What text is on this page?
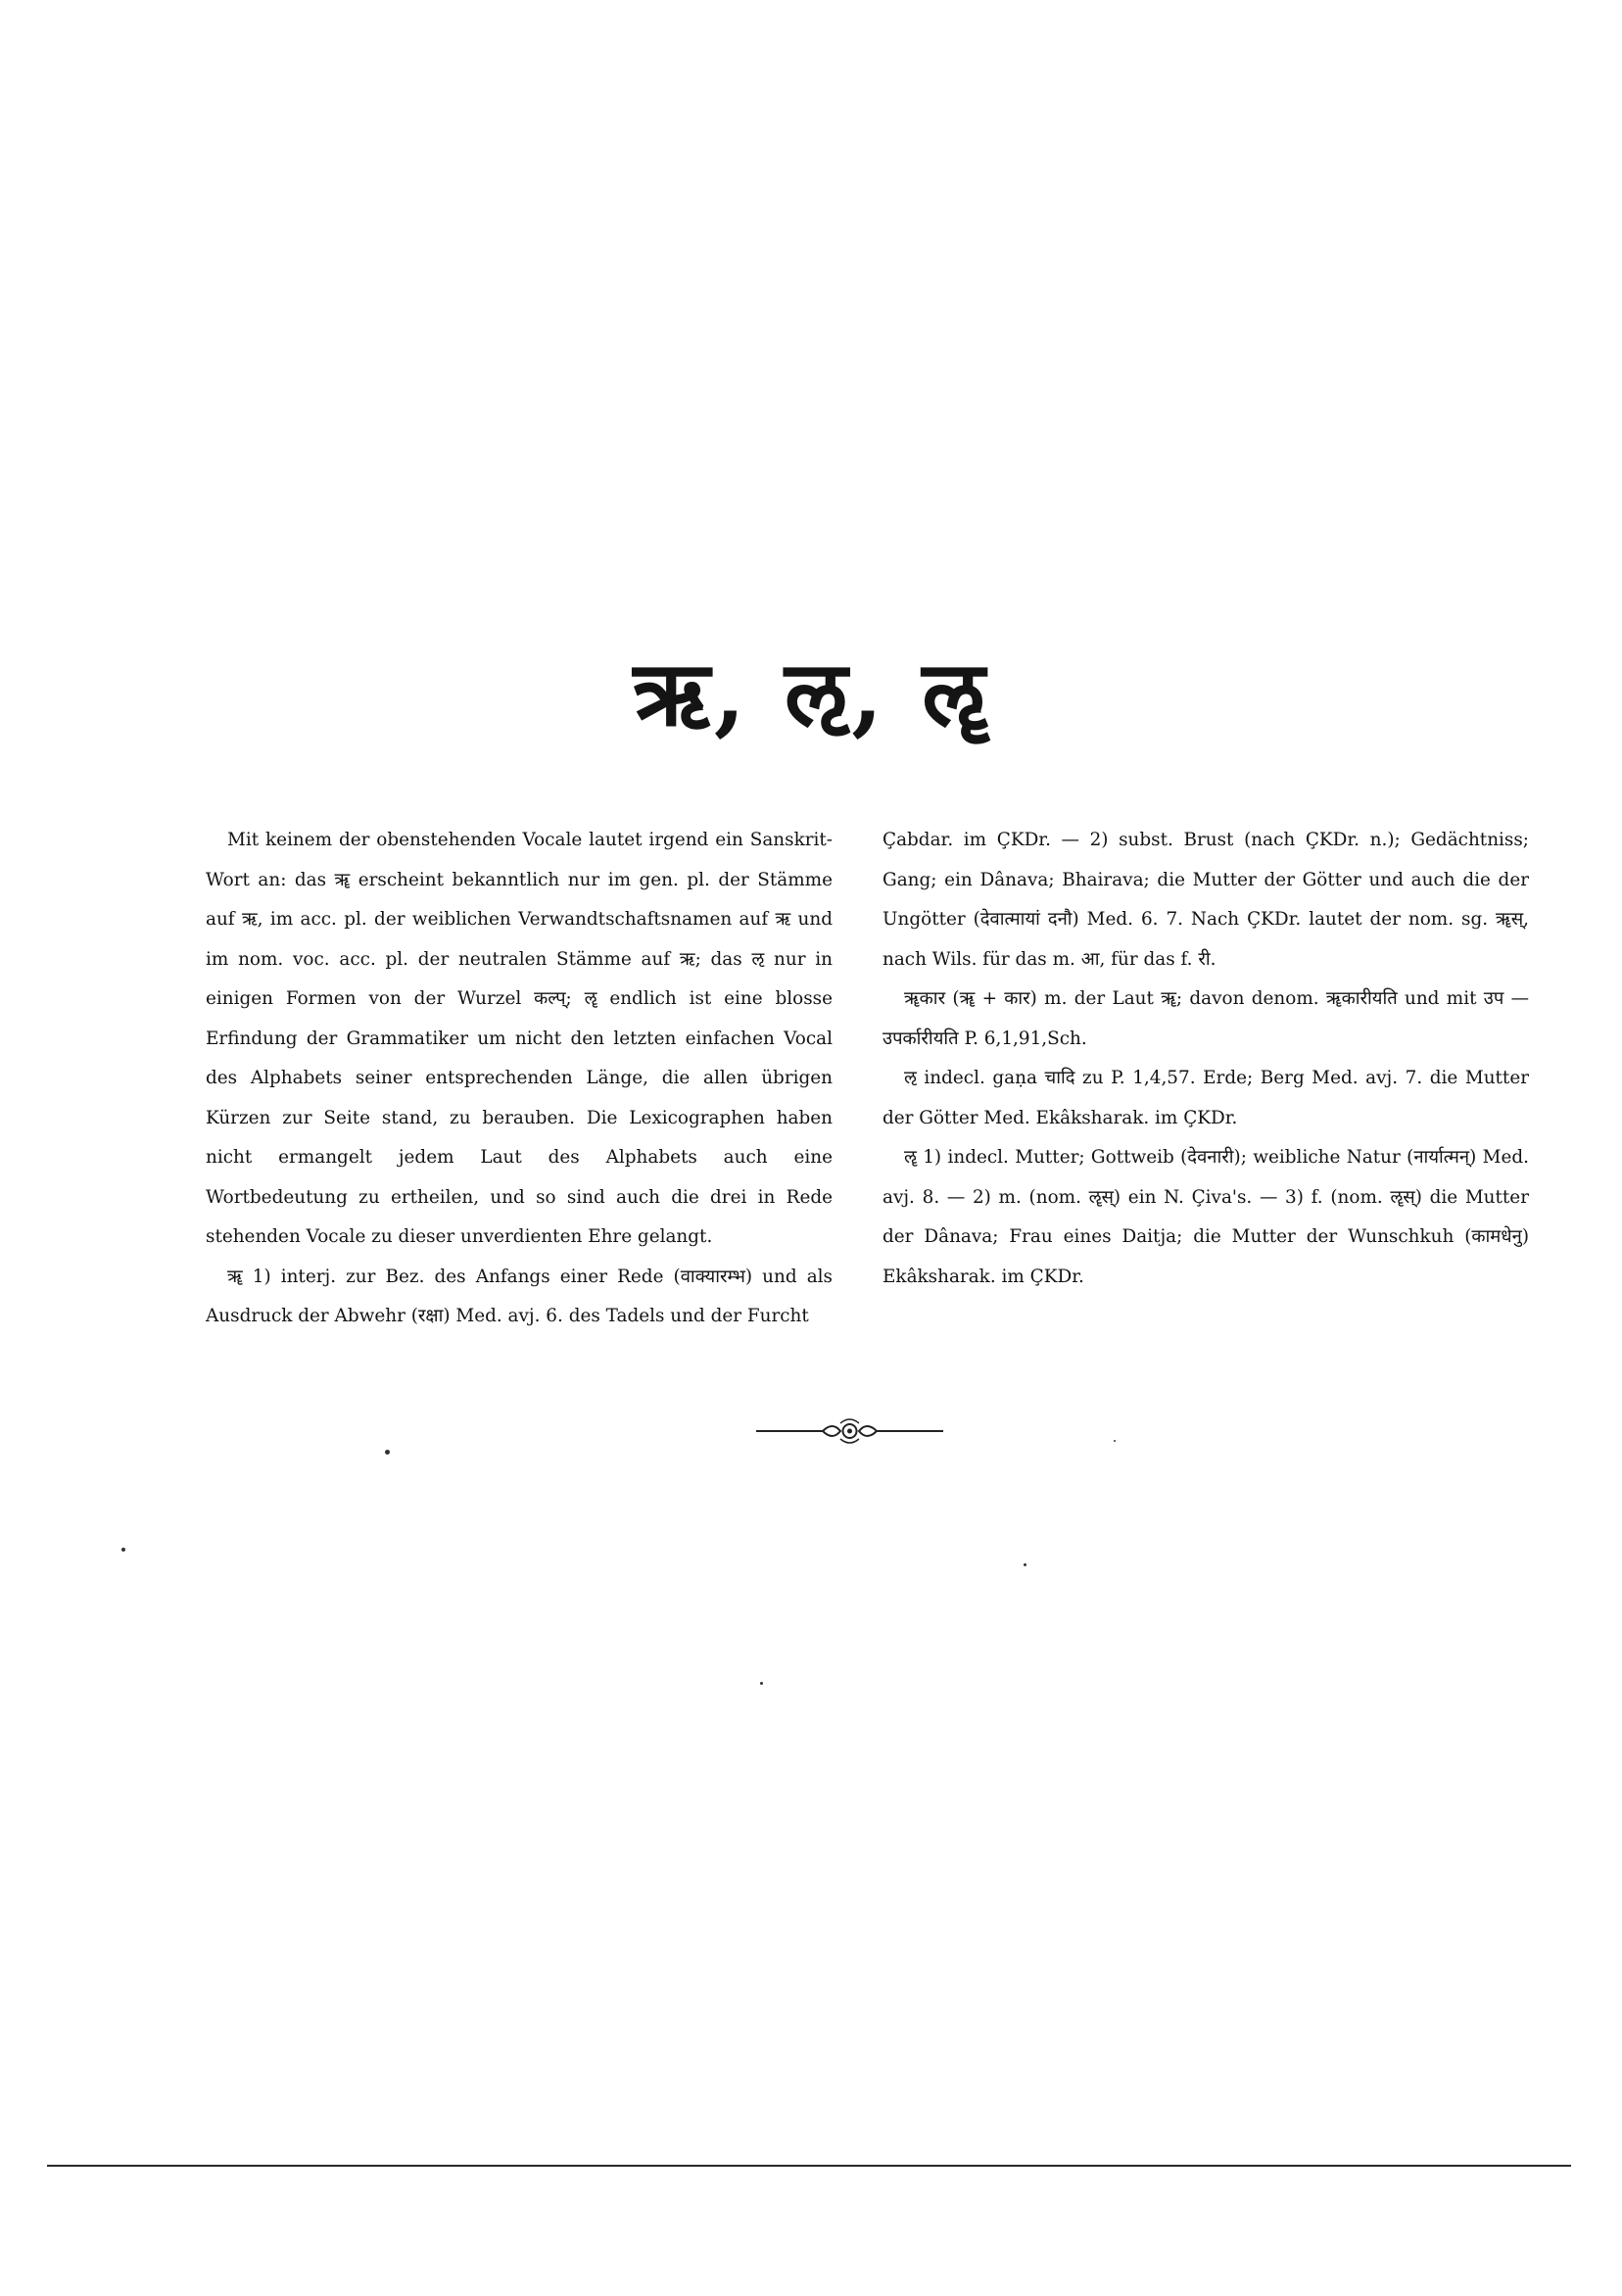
ऋ, ऌ, ॡ

Mit keinem der obenstehenden Vocale lautet irgend ein Sanskrit-Wort an: das ॠ erscheint bekanntlich nur im gen. pl. der Stämme auf ऋ, im acc. pl. der weiblichen Verwandtschaftsnamen auf ऋ und im nom. voc. acc. pl. der neutralen Stämme auf ऋ; das ऌ nur in einigen Formen von der Wurzel कल्प्; ॡ endlich ist eine blosse Erfindung der Grammatiker um nicht den letzten einfachen Vocal des Alphabets seiner entsprechenden Länge, die allen übrigen Kürzen zur Seite stand, zu berauben. Die Lexicographen haben nicht ermangelt jedem Laut des Alphabets auch eine Wortbedeutung zu ertheilen, und so sind auch die drei in Rede stehenden Vocale zu dieser unverdienten Ehre gelangt.

ॠ 1) interj. zur Bez. des Anfangs einer Rede (वाक्यारम्भ) und als Ausdruck der Abwehr (रक्षा) Med. avj. 6. des Tadels und der Furcht

Çabdar. im ÇKDr. — 2) subst. Brust (nach ÇKDr. n.); Gedächtniss; Gang; ein Dânava; Bhairava; die Mutter der Götter und auch die der Ungötter (देवात्मायां दनौ) Med. 6. 7. Nach ÇKDr. lautet der nom. sg. ॠस्, nach Wils. für das m. आ, für das f. री.

ॠकार (ॠ + कार) m. der Laut ॠ; davon denom. ॠकारीयति und mit उप — उपर्कारीयति P. 6,1,91,Sch.

ऌ indecl. gaṇa चादि zu P. 1,4,57. Erde; Berg Med. avj. 7. die Mutter der Götter Med. Ekâksharak. im ÇKDr.

ॡ 1) indecl. Mutter; Gottweib (देवनारी); weibliche Natur (नार्यात्मन्) Med. avj. 8. — 2) m. (nom. ॡस्) ein N. Çiva's. — 3) f. (nom. ॡस्) die Mutter der Dânava; Frau eines Daitja; die Mutter der Wunschkuh (कामधेनु) Ekâksharak. im ÇKDr.
